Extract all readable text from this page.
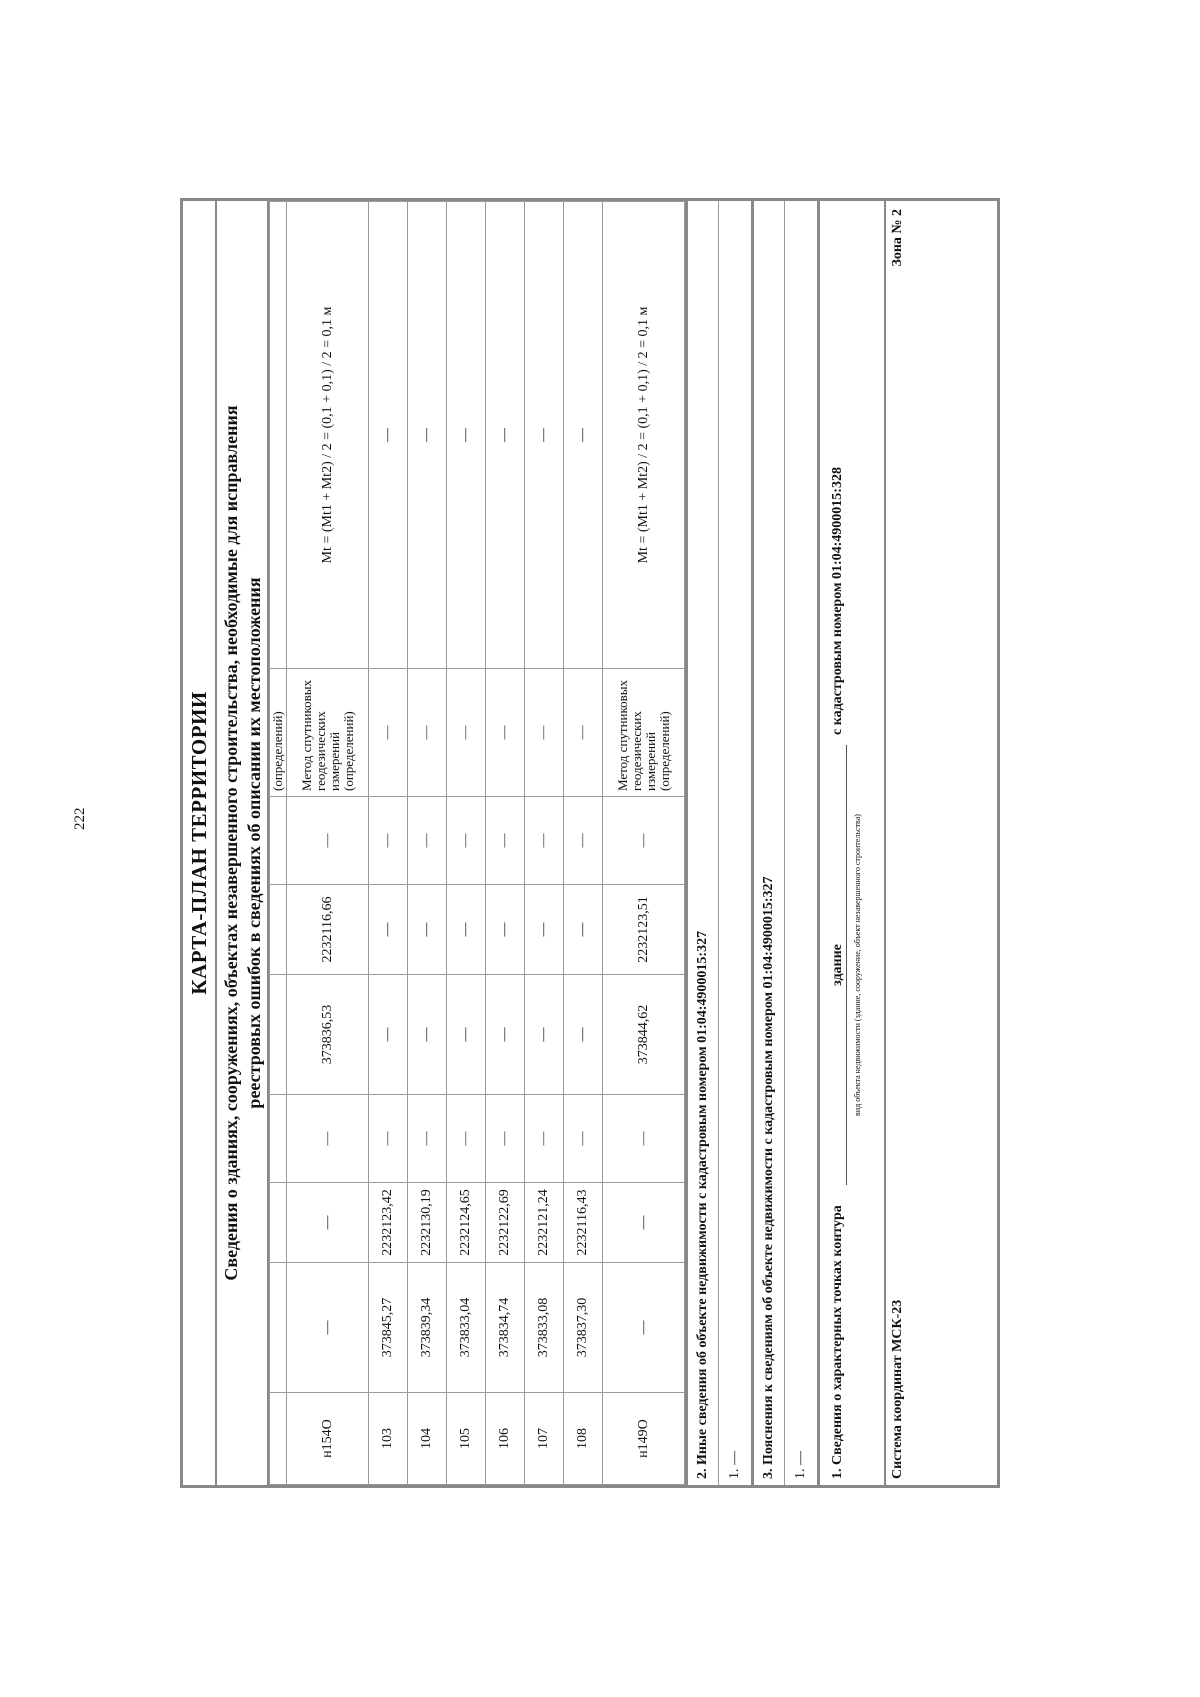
222	КАРТА-ПЛАН ТЕРРИТОРИИ Сведения о зданиях, сооружениях, объектах незавершенного строительства, необходимые для исправления реестровых ошибок в сведениях об описании их местоположения
							(определений)	
н154О	—	—	—	373836,53	2232116,66	—	Метод спутниковых геодезических измерений (определений)	Mt = (Mt1 + Mt2) / 2 = (0,1 + 0,1) / 2 = 0,1 м
103	373845,27	2232123,42	—	—	—	—	—	—
104	373839,34	2232130,19	—	—	—	—	—	—
105	373833,04	2232124,65	—	—	—	—	—	—
106	373834,74	2232122,69	—	—	—	—	—	—
107	373833,08	2232121,24	—	—	—	—	—	—
108	373837,30	2232116,43	—	—	—	—	—	—
н149О	—	—	—	373844,62	2232123,51	—	Метод спутниковых геодезических измерений (определений)	Mt = (Mt1 + Mt2) / 2 = (0,1 + 0,1) / 2 = 0,1 м
2. Иные сведения об объекте недвижимости с кадастровым номером 01:04:4900015:327	1. —	3. Пояснения к сведениям об объекте недвижимости с кадастровым номером 01:04:4900015:327	1. —	1. Сведения о характерных точках контура
здание вид объекта недвижимости (здание, сооружение, объект незавершенного строительства)
с кадастровым номером 01:04:4900015:328
Система координат МСК-23
Зона № 2
